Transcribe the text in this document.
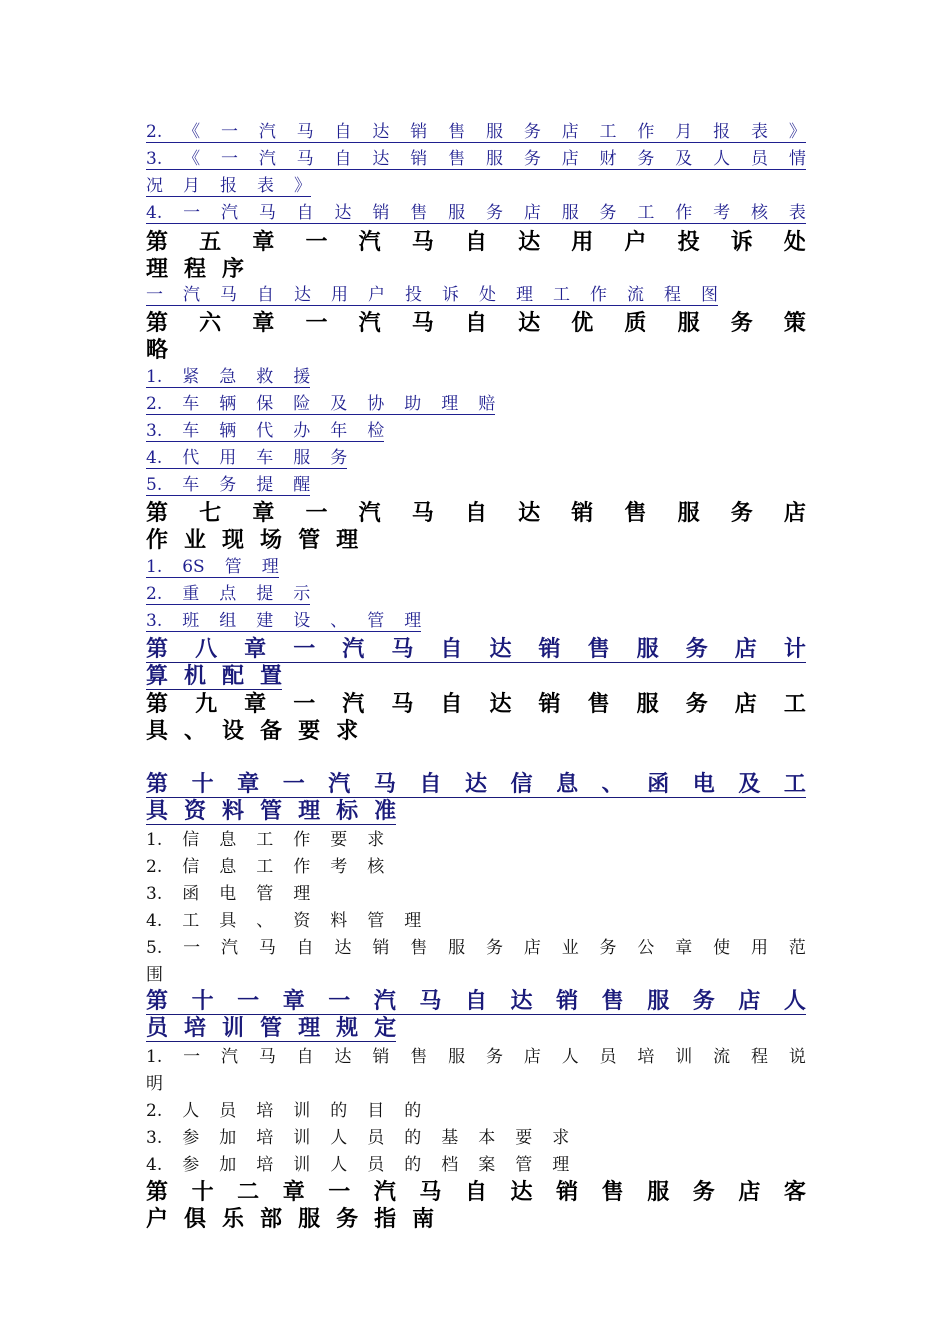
2. 《 一 汽 马 自 达 销 售 服 务 店 工 作 月 报 表 》
3. 《 一 汽 马 自 达 销 售 服 务 店 财 务 及 人 员 情
况 月 报 表 》
4. 一 汽 马 自 达 销 售 服 务 店 服 务 工 作 考 核 表
第 五 章 一 汽 马 自 达 用 户 投 诉 处
理 程 序
一 汽 马 自 达 用 户 投 诉 处 理 工 作 流 程 图
第 六 章 一 汽 马 自 达 优 质 服 务 策
略
1. 紧 急 救 援
2. 车 辆 保 险 及 协 助 理 赔
3. 车 辆 代 办 年 检
4. 代 用 车 服 务
5. 车 务 提 醒
第 七 章 一 汽 马 自 达 销 售 服 务 店
作 业 现 场 管 理
1. 6S 管 理
2. 重 点 提 示
3. 班 组 建 设 、 管 理
第 八 章 一 汽 马 自 达 销 售 服 务 店 计
算 机 配 置
第 九 章 一 汽 马 自 达 销 售 服 务 店 工
具 、 设 备 要 求
第 十 章 一 汽 马 自 达 信 息 、 函 电 及 工
具 资 料 管 理 标 准
1. 信 息 工 作 要 求
2. 信 息 工 作 考 核
3. 函 电 管 理
4. 工 具 、 资 料 管 理
5. 一 汽 马 自 达 销 售 服 务 店 业 务 公 章 使 用 范
围
第 十 一 章 一 汽 马 自 达 销 售 服 务 店 人
员 培 训 管 理 规 定
1. 一 汽 马 自 达 销 售 服 务 店 人 员 培 训 流 程 说
明
2. 人 员 培 训 的 目 的
3. 参 加 培 训 人 员 的 基 本 要 求
4. 参 加 培 训 人 员 的 档 案 管 理
第 十 二 章 一 汽 马 自 达 销 售 服 务 店 客
户 俱 乐 部 服 务 指 南
